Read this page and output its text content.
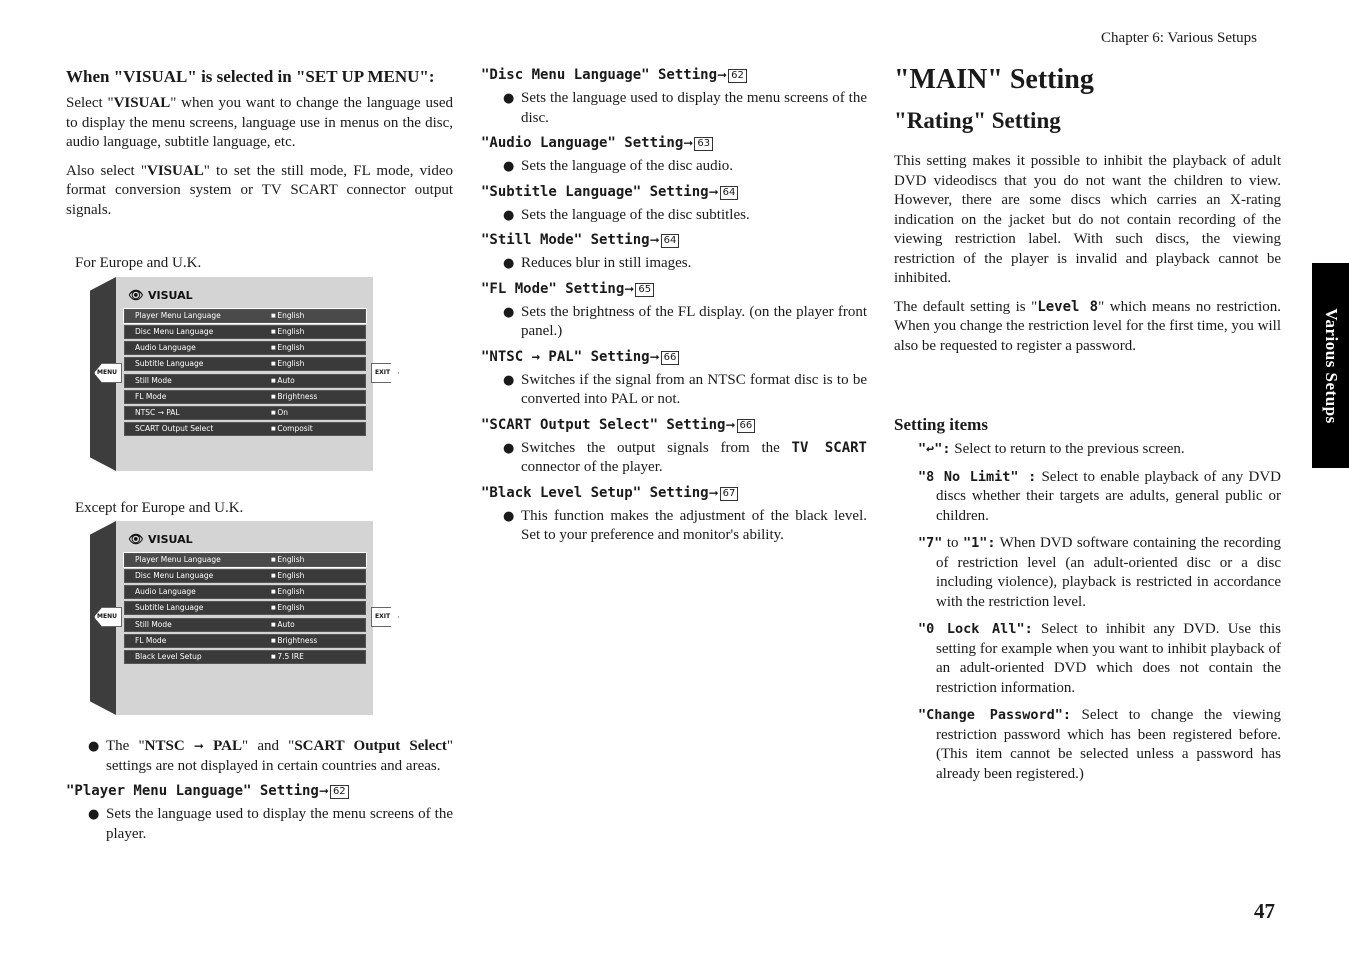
Chapter 6: Various Setups
When "VISUAL" is selected in "SET UP MENU":

Select "VISUAL" when you want to change the language used to display the menu screens, language use in menus on the disc, audio language, subtitle language, etc.

Also select "VISUAL" to set the still mode, FL mode, video format conversion system or TV SCART connector output signals.

For Europe and U.K.
👁 VISUAL
Player Menu Language	■ English
Disc Menu Language	■ English
Audio Language	■ English
Subtitle Language	■ English
Still Mode	■ Auto
FL Mode	■ Brightness
NTSC → PAL	■ On
SCART Output Select	■ Composit
MENU	EXIT
Except for Europe and U.K.
👁 VISUAL
Player Menu Language	■ English
Disc Menu Language	■ English
Audio Language	■ English
Subtitle Language	■ English
Still Mode	■ Auto
FL Mode	■ Brightness
Black Level Setup	■ 7.5 IRE
MENU	EXIT
● The "NTSC ➞ PAL" and "SCART Output Select" settings are not displayed in certain countries and areas.
"Player Menu Language" Setting➞ 62
● Sets the language used to display the menu screens of the player.
"Disc Menu Language" Setting➞ 62
● Sets the language used to display the menu screens of the disc.
"Audio Language" Setting➞ 63
● Sets the language of the disc audio.
"Subtitle Language" Setting➞ 64
● Sets the language of the disc subtitles.
"Still Mode" Setting➞ 64
● Reduces blur in still images.
"FL Mode" Setting➞ 65
● Sets the brightness of the FL display. (on the player front panel.)
"NTSC → PAL" Setting➞ 66
● Switches if the signal from an NTSC format disc is to be converted into PAL or not.
"SCART Output Select" Setting➞ 66
● Switches the output signals from the TV SCART connector of the player.
"Black Level Setup" Setting➞ 67
● This function makes the adjustment of the black level. Set to your preference and monitor's ability.
"MAIN" Setting
"Rating" Setting

This setting makes it possible to inhibit the playback of adult DVD videodiscs that you do not want the children to view. However, there are some discs which carries an X-rating indication on the jacket but do not contain recording of the viewing restriction label. With such discs, the viewing restriction of the player is invalid and playback cannot be inhibited.

The default setting is "Level 8" which means no restriction. When you change the restriction level for the first time, you will also be requested to register a password.

Setting items
"↩": Select to return to the previous screen.
"8 No Limit" : Select to enable playback of any DVD discs whether their targets are adults, general public or children.
"7" to "1": When DVD software containing the recording of restriction level (an adult-oriented disc or a disc including violence), playback is restricted in accordance with the restriction level.
"0 Lock All": Select to inhibit any DVD. Use this setting for example when you want to inhibit playback of an adult-oriented DVD which does not contain the restriction information.
"Change Password": Select to change the viewing restriction password which has been registered before. (This item cannot be selected unless a password has already been registered.)
Various Setups
47
